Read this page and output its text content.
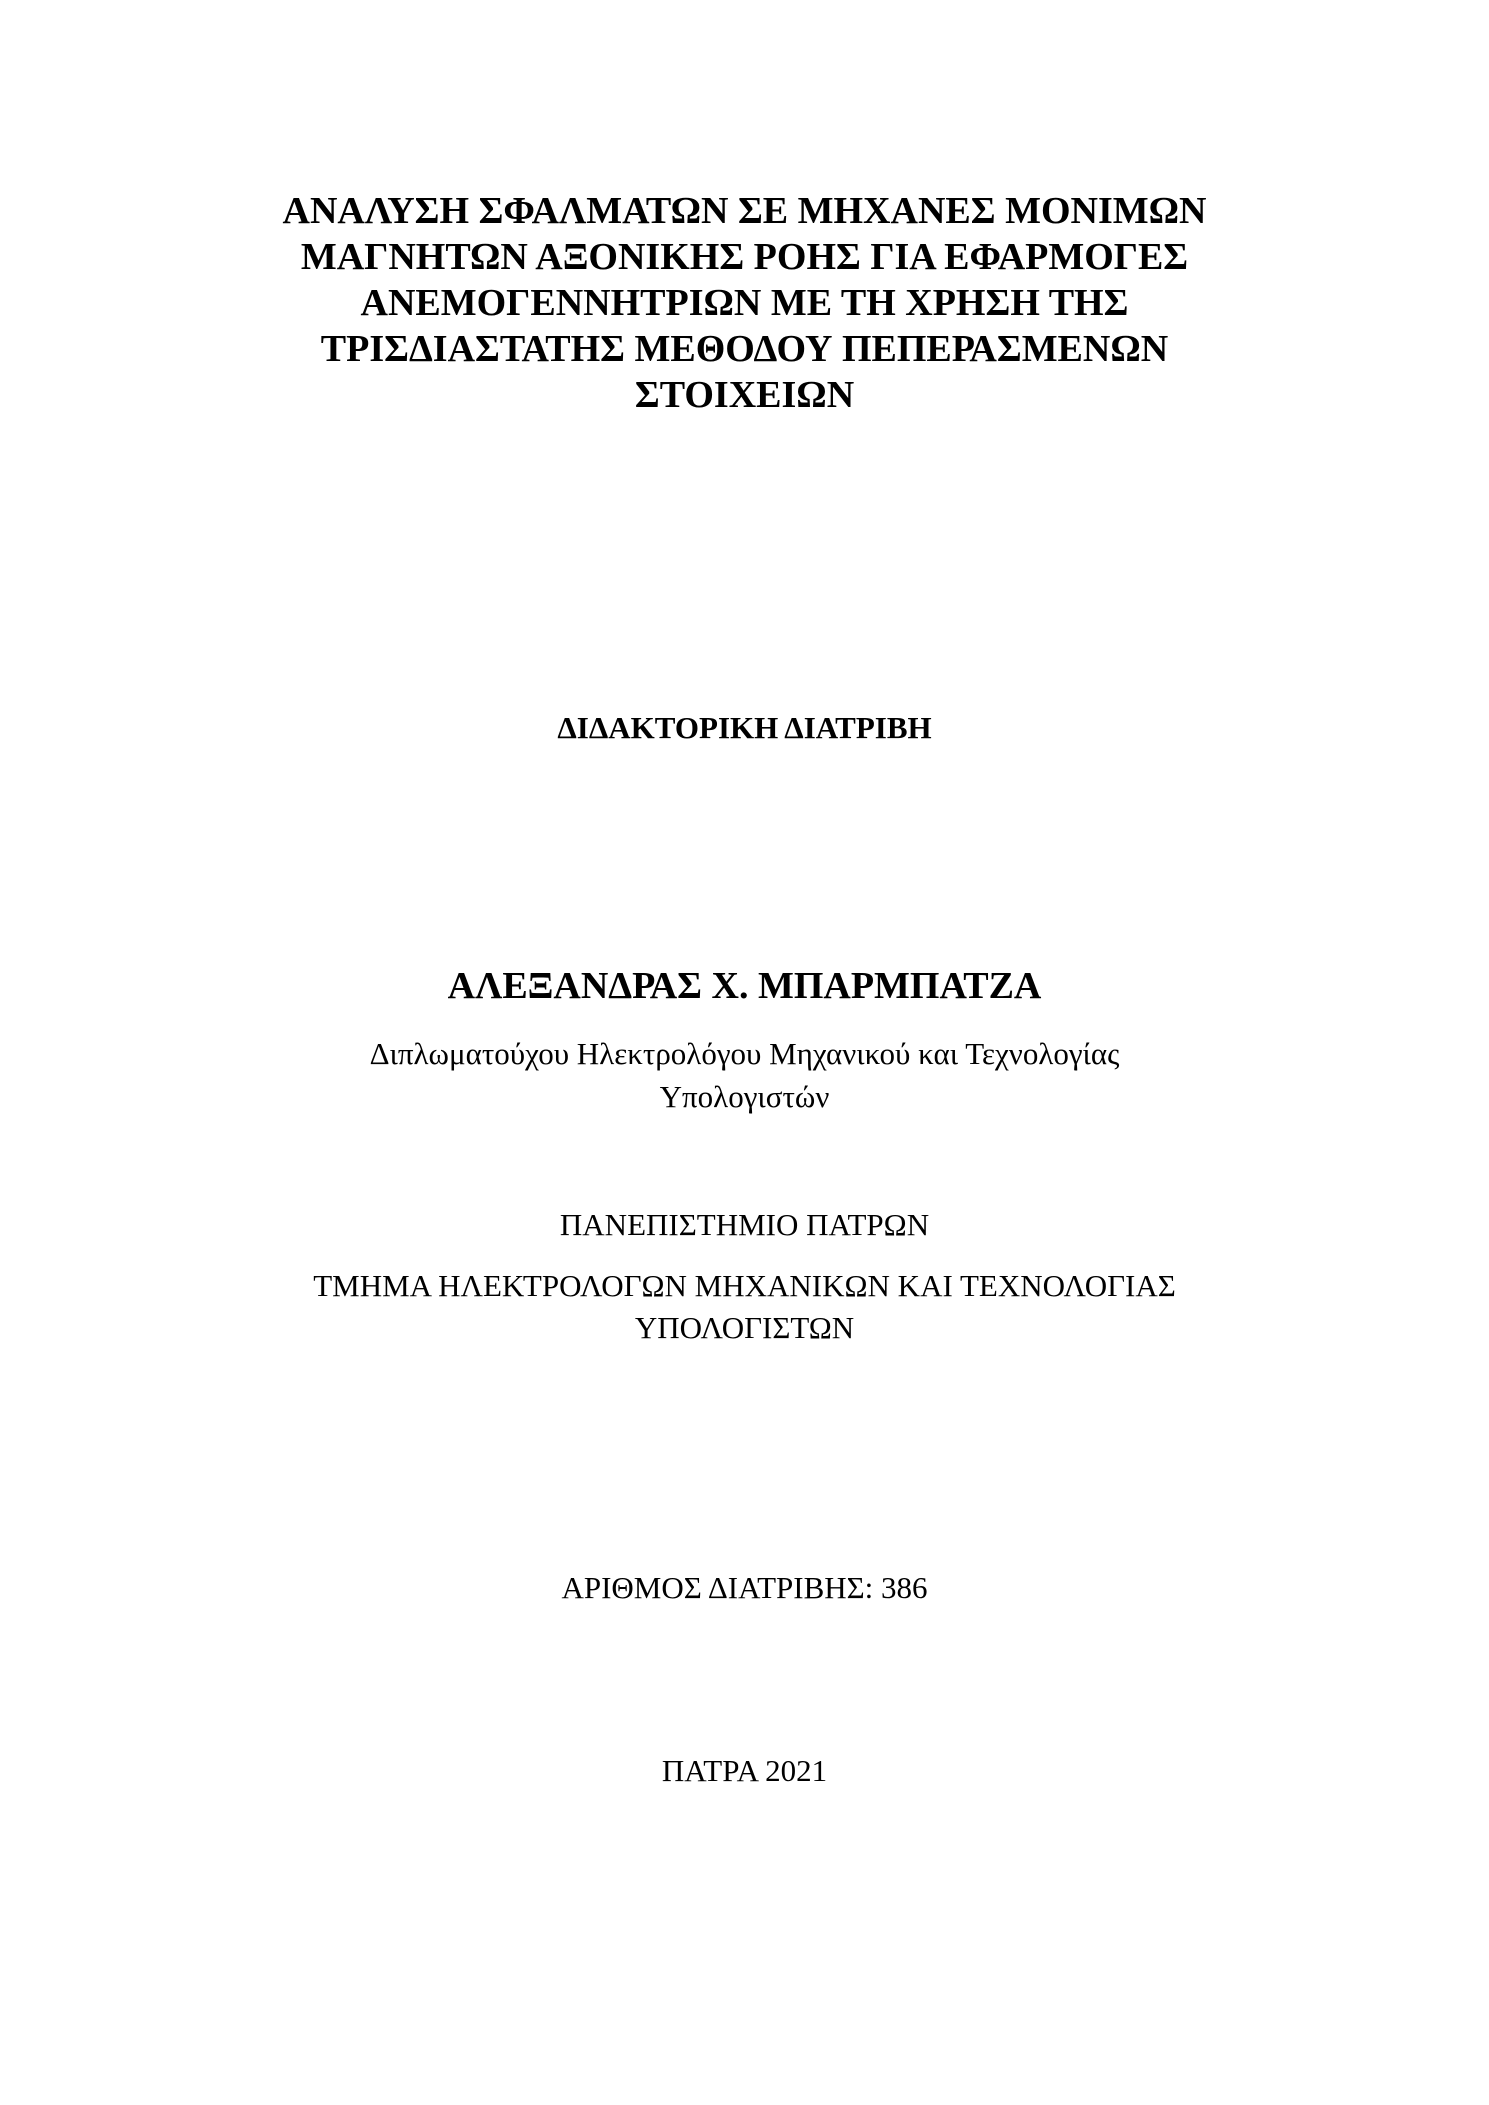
ΑΝΑΛΥΣΗ ΣΦΑΛΜΑΤΩΝ ΣΕ ΜΗΧΑΝΕΣ ΜΟΝΙΜΩΝ
ΜΑΓΝΗΤΩΝ ΑΞΟΝΙΚΗΣ ΡΟΗΣ ΓΙΑ ΕΦΑΡΜΟΓΕΣ
ΑΝΕΜΟΓΕΝΝΗΤΡΙΩΝ ΜΕ ΤΗ ΧΡΗΣΗ ΤΗΣ
ΤΡΙΣΔΙΑΣΤΑΤΗΣ ΜΕΘΟΔΟΥ ΠΕΠΕΡΑΣΜΕΝΩΝ
ΣΤΟΙΧΕΙΩΝ
ΔΙΔΑΚΤΟΡΙΚΗ ΔΙΑΤΡΙΒΗ
ΑΛΕΞΑΝΔΡΑΣ Χ. ΜΠΑΡΜΠΑΤΖΑ
Διπλωματούχου Ηλεκτρολόγου Μηχανικού και Τεχνολογίας
Υπολογιστών
ΠΑΝΕΠΙΣΤΗΜΙΟ ΠΑΤΡΩΝ
ΤΜΗΜΑ ΗΛΕΚΤΡΟΛΟΓΩΝ ΜΗΧΑΝΙΚΩΝ ΚΑΙ ΤΕΧΝΟΛΟΓΙΑΣ
ΥΠΟΛΟΓΙΣΤΩΝ
ΑΡΙΘΜΟΣ ΔΙΑΤΡΙΒΗΣ: 386
ΠΑΤΡΑ 2021
